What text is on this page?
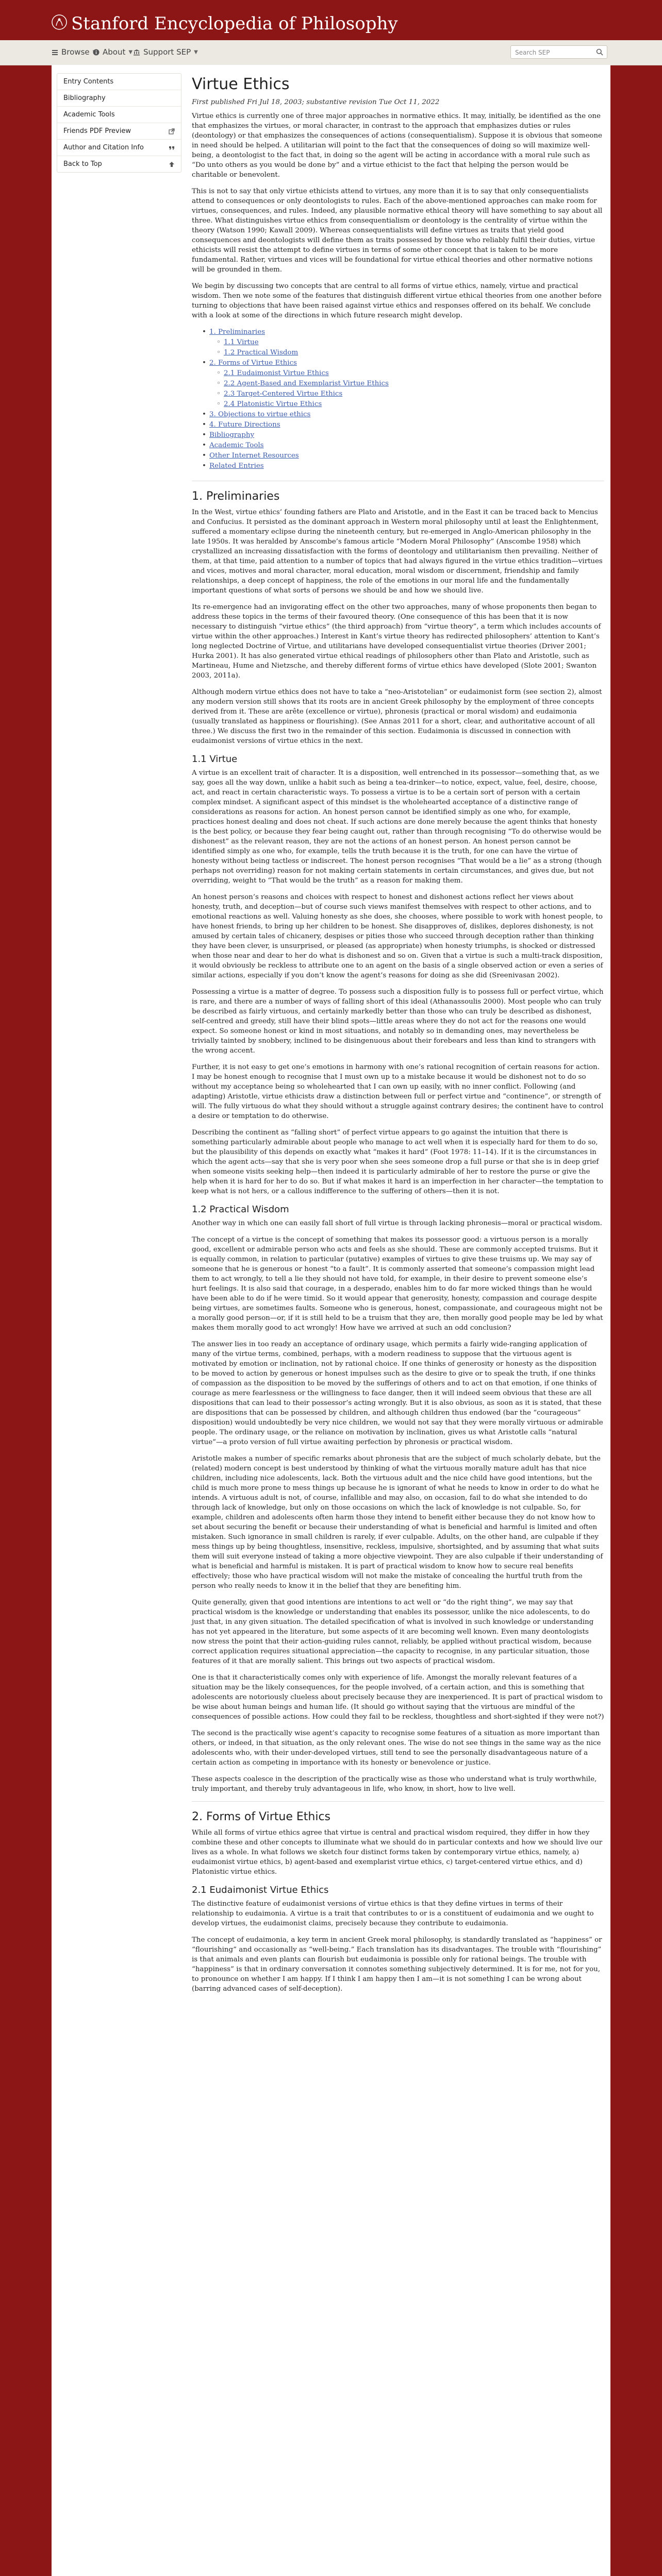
Stanford Encyclopedia of Philosophy
Browse About ▼ Support SEP ▼	Search SEP
Entry Contents
Bibliography
Academic Tools
Friends PDF Preview
Author and Citation Info
Back to Top
Virtue Ethics
First published Fri Jul 18, 2003; substantive revision Tue Oct 11, 2022

Virtue ethics is currently one of three major approaches in normative ethics. It may, initially, be identified as the one that emphasizes the virtues, or moral character, in contrast to the approach that emphasizes duties or rules (deontology) or that emphasizes the consequences of actions (consequentialism). Suppose it is obvious that someone in need should be helped. A utilitarian will point to the fact that the consequences of doing so will maximize well-being, a deontologist to the fact that, in doing so the agent will be acting in accordance with a moral rule such as “Do unto others as you would be done by” and a virtue ethicist to the fact that helping the person would be charitable or benevolent.

This is not to say that only virtue ethicists attend to virtues, any more than it is to say that only consequentialists attend to consequences or only deontologists to rules. Each of the above-mentioned approaches can make room for virtues, consequences, and rules. Indeed, any plausible normative ethical theory will have something to say about all three. What distinguishes virtue ethics from consequentialism or deontology is the centrality of virtue within the theory (Watson 1990; Kawall 2009). Whereas consequentialists will define virtues as traits that yield good consequences and deontologists will define them as traits possessed by those who reliably fulfil their duties, virtue ethicists will resist the attempt to define virtues in terms of some other concept that is taken to be more fundamental. Rather, virtues and vices will be foundational for virtue ethical theories and other normative notions will be grounded in them.

We begin by discussing two concepts that are central to all forms of virtue ethics, namely, virtue and practical wisdom. Then we note some of the features that distinguish different virtue ethical theories from one another before turning to objections that have been raised against virtue ethics and responses offered on its behalf. We conclude with a look at some of the directions in which future research might develop.

• 1. Preliminaries
◦ 1.1 Virtue
◦ 1.2 Practical Wisdom
• 2. Forms of Virtue Ethics
◦ 2.1 Eudaimonist Virtue Ethics
◦ 2.2 Agent-Based and Exemplarist Virtue Ethics
◦ 2.3 Target-Centered Virtue Ethics
◦ 2.4 Platonistic Virtue Ethics
• 3. Objections to virtue ethics
• 4. Future Directions
• Bibliography
• Academic Tools
• Other Internet Resources
• Related Entries
1. Preliminaries

In the West, virtue ethics’ founding fathers are Plato and Aristotle, and in the East it can be traced back to Mencius and Confucius. It persisted as the dominant approach in Western moral philosophy until at least the Enlightenment, suffered a momentary eclipse during the nineteenth century, but re-emerged in Anglo-American philosophy in the late 1950s. It was heralded by Anscombe’s famous article “Modern Moral Philosophy” (Anscombe 1958) which crystallized an increasing dissatisfaction with the forms of deontology and utilitarianism then prevailing. Neither of them, at that time, paid attention to a number of topics that had always figured in the virtue ethics tradition—virtues and vices, motives and moral character, moral education, moral wisdom or discernment, friendship and family relationships, a deep concept of happiness, the role of the emotions in our moral life and the fundamentally important questions of what sorts of persons we should be and how we should live.

Its re-emergence had an invigorating effect on the other two approaches, many of whose proponents then began to address these topics in the terms of their favoured theory. (One consequence of this has been that it is now necessary to distinguish “virtue ethics” (the third approach) from “virtue theory”, a term which includes accounts of virtue within the other approaches.) Interest in Kant’s virtue theory has redirected philosophers’ attention to Kant’s long neglected Doctrine of Virtue, and utilitarians have developed consequentialist virtue theories (Driver 2001; Hurka 2001). It has also generated virtue ethical readings of philosophers other than Plato and Aristotle, such as Martineau, Hume and Nietzsche, and thereby different forms of virtue ethics have developed (Slote 2001; Swanton 2003, 2011a).

Although modern virtue ethics does not have to take a “neo-Aristotelian” or eudaimonist form (see section 2), almost any modern version still shows that its roots are in ancient Greek philosophy by the employment of three concepts derived from it. These are arête (excellence or virtue), phronesis (practical or moral wisdom) and eudaimonia (usually translated as happiness or flourishing). (See Annas 2011 for a short, clear, and authoritative account of all three.) We discuss the first two in the remainder of this section. Eudaimonia is discussed in connection with eudaimonist versions of virtue ethics in the next.

1.1 Virtue

A virtue is an excellent trait of character. It is a disposition, well entrenched in its possessor—something that, as we say, goes all the way down, unlike a habit such as being a tea-drinker—to notice, expect, value, feel, desire, choose, act, and react in certain characteristic ways. To possess a virtue is to be a certain sort of person with a certain complex mindset. A significant aspect of this mindset is the wholehearted acceptance of a distinctive range of considerations as reasons for action. An honest person cannot be identified simply as one who, for example, practices honest dealing and does not cheat. If such actions are done merely because the agent thinks that honesty is the best policy, or because they fear being caught out, rather than through recognising “To do otherwise would be dishonest” as the relevant reason, they are not the actions of an honest person. An honest person cannot be identified simply as one who, for example, tells the truth because it is the truth, for one can have the virtue of honesty without being tactless or indiscreet. The honest person recognises “That would be a lie” as a strong (though perhaps not overriding) reason for not making certain statements in certain circumstances, and gives due, but not overriding, weight to “That would be the truth” as a reason for making them.

An honest person’s reasons and choices with respect to honest and dishonest actions reflect her views about honesty, truth, and deception—but of course such views manifest themselves with respect to other actions, and to emotional reactions as well. Valuing honesty as she does, she chooses, where possible to work with honest people, to have honest friends, to bring up her children to be honest. She disapproves of, dislikes, deplores dishonesty, is not amused by certain tales of chicanery, despises or pities those who succeed through deception rather than thinking they have been clever, is unsurprised, or pleased (as appropriate) when honesty triumphs, is shocked or distressed when those near and dear to her do what is dishonest and so on. Given that a virtue is such a multi-track disposition, it would obviously be reckless to attribute one to an agent on the basis of a single observed action or even a series of similar actions, especially if you don’t know the agent’s reasons for doing as she did (Sreenivasan 2002).

Possessing a virtue is a matter of degree. To possess such a disposition fully is to possess full or perfect virtue, which is rare, and there are a number of ways of falling short of this ideal (Athanassoulis 2000). Most people who can truly be described as fairly virtuous, and certainly markedly better than those who can truly be described as dishonest, self-centred and greedy, still have their blind spots—little areas where they do not act for the reasons one would expect. So someone honest or kind in most situations, and notably so in demanding ones, may nevertheless be trivially tainted by snobbery, inclined to be disingenuous about their forebears and less than kind to strangers with the wrong accent.

Further, it is not easy to get one’s emotions in harmony with one’s rational recognition of certain reasons for action. I may be honest enough to recognise that I must own up to a mistake because it would be dishonest not to do so without my acceptance being so wholehearted that I can own up easily, with no inner conflict. Following (and adapting) Aristotle, virtue ethicists draw a distinction between full or perfect virtue and “continence”, or strength of will. The fully virtuous do what they should without a struggle against contrary desires; the continent have to control a desire or temptation to do otherwise.

Describing the continent as “falling short” of perfect virtue appears to go against the intuition that there is something particularly admirable about people who manage to act well when it is especially hard for them to do so, but the plausibility of this depends on exactly what “makes it hard” (Foot 1978: 11–14). If it is the circumstances in which the agent acts—say that she is very poor when she sees someone drop a full purse or that she is in deep grief when someone visits seeking help—then indeed it is particularly admirable of her to restore the purse or give the help when it is hard for her to do so. But if what makes it hard is an imperfection in her character—the temptation to keep what is not hers, or a callous indifference to the suffering of others—then it is not.

1.2 Practical Wisdom

Another way in which one can easily fall short of full virtue is through lacking phronesis—moral or practical wisdom.

The concept of a virtue is the concept of something that makes its possessor good: a virtuous person is a morally good, excellent or admirable person who acts and feels as she should. These are commonly accepted truisms. But it is equally common, in relation to particular (putative) examples of virtues to give these truisms up. We may say of someone that he is generous or honest “to a fault”. It is commonly asserted that someone’s compassion might lead them to act wrongly, to tell a lie they should not have told, for example, in their desire to prevent someone else’s hurt feelings. It is also said that courage, in a desperado, enables him to do far more wicked things than he would have been able to do if he were timid. So it would appear that generosity, honesty, compassion and courage despite being virtues, are sometimes faults. Someone who is generous, honest, compassionate, and courageous might not be a morally good person—or, if it is still held to be a truism that they are, then morally good people may be led by what makes them morally good to act wrongly! How have we arrived at such an odd conclusion?

The answer lies in too ready an acceptance of ordinary usage, which permits a fairly wide-ranging application of many of the virtue terms, combined, perhaps, with a modern readiness to suppose that the virtuous agent is motivated by emotion or inclination, not by rational choice. If one thinks of generosity or honesty as the disposition to be moved to action by generous or honest impulses such as the desire to give or to speak the truth, if one thinks of compassion as the disposition to be moved by the sufferings of others and to act on that emotion, if one thinks of courage as mere fearlessness or the willingness to face danger, then it will indeed seem obvious that these are all dispositions that can lead to their possessor’s acting wrongly. But it is also obvious, as soon as it is stated, that these are dispositions that can be possessed by children, and although children thus endowed (bar the “courageous” disposition) would undoubtedly be very nice children, we would not say that they were morally virtuous or admirable people. The ordinary usage, or the reliance on motivation by inclination, gives us what Aristotle calls “natural virtue”—a proto version of full virtue awaiting perfection by phronesis or practical wisdom.

Aristotle makes a number of specific remarks about phronesis that are the subject of much scholarly debate, but the (related) modern concept is best understood by thinking of what the virtuous morally mature adult has that nice children, including nice adolescents, lack. Both the virtuous adult and the nice child have good intentions, but the child is much more prone to mess things up because he is ignorant of what he needs to know in order to do what he intends. A virtuous adult is not, of course, infallible and may also, on occasion, fail to do what she intended to do through lack of knowledge, but only on those occasions on which the lack of knowledge is not culpable. So, for example, children and adolescents often harm those they intend to benefit either because they do not know how to set about securing the benefit or because their understanding of what is beneficial and harmful is limited and often mistaken. Such ignorance in small children is rarely, if ever culpable. Adults, on the other hand, are culpable if they mess things up by being thoughtless, insensitive, reckless, impulsive, shortsighted, and by assuming that what suits them will suit everyone instead of taking a more objective viewpoint. They are also culpable if their understanding of what is beneficial and harmful is mistaken. It is part of practical wisdom to know how to secure real benefits effectively; those who have practical wisdom will not make the mistake of concealing the hurtful truth from the person who really needs to know it in the belief that they are benefiting him.

Quite generally, given that good intentions are intentions to act well or “do the right thing”, we may say that practical wisdom is the knowledge or understanding that enables its possessor, unlike the nice adolescents, to do just that, in any given situation. The detailed specification of what is involved in such knowledge or understanding has not yet appeared in the literature, but some aspects of it are becoming well known. Even many deontologists now stress the point that their action-guiding rules cannot, reliably, be applied without practical wisdom, because correct application requires situational appreciation—the capacity to recognise, in any particular situation, those features of it that are morally salient. This brings out two aspects of practical wisdom.

One is that it characteristically comes only with experience of life. Amongst the morally relevant features of a situation may be the likely consequences, for the people involved, of a certain action, and this is something that adolescents are notoriously clueless about precisely because they are inexperienced. It is part of practical wisdom to be wise about human beings and human life. (It should go without saying that the virtuous are mindful of the consequences of possible actions. How could they fail to be reckless, thoughtless and short-sighted if they were not?)

The second is the practically wise agent’s capacity to recognise some features of a situation as more important than others, or indeed, in that situation, as the only relevant ones. The wise do not see things in the same way as the nice adolescents who, with their under-developed virtues, still tend to see the personally disadvantageous nature of a certain action as competing in importance with its honesty or benevolence or justice.

These aspects coalesce in the description of the practically wise as those who understand what is truly worthwhile, truly important, and thereby truly advantageous in life, who know, in short, how to live well.

2. Forms of Virtue Ethics

While all forms of virtue ethics agree that virtue is central and practical wisdom required, they differ in how they combine these and other concepts to illuminate what we should do in particular contexts and how we should live our lives as a whole. In what follows we sketch four distinct forms taken by contemporary virtue ethics, namely, a) eudaimonist virtue ethics, b) agent-based and exemplarist virtue ethics, c) target-centered virtue ethics, and d) Platonistic virtue ethics.

2.1 Eudaimonist Virtue Ethics

The distinctive feature of eudaimonist versions of virtue ethics is that they define virtues in terms of their relationship to eudaimonia. A virtue is a trait that contributes to or is a constituent of eudaimonia and we ought to develop virtues, the eudaimonist claims, precisely because they contribute to eudaimonia.

The concept of eudaimonia, a key term in ancient Greek moral philosophy, is standardly translated as “happiness” or “flourishing” and occasionally as “well-being.” Each translation has its disadvantages. The trouble with “flourishing” is that animals and even plants can flourish but eudaimonia is possible only for rational beings. The trouble with “happiness” is that in ordinary conversation it connotes something subjectively determined. It is for me, not for you, to pronounce on whether I am happy. If I think I am happy then I am—it is not something I can be wrong about (barring advanced cases of self-deception).
